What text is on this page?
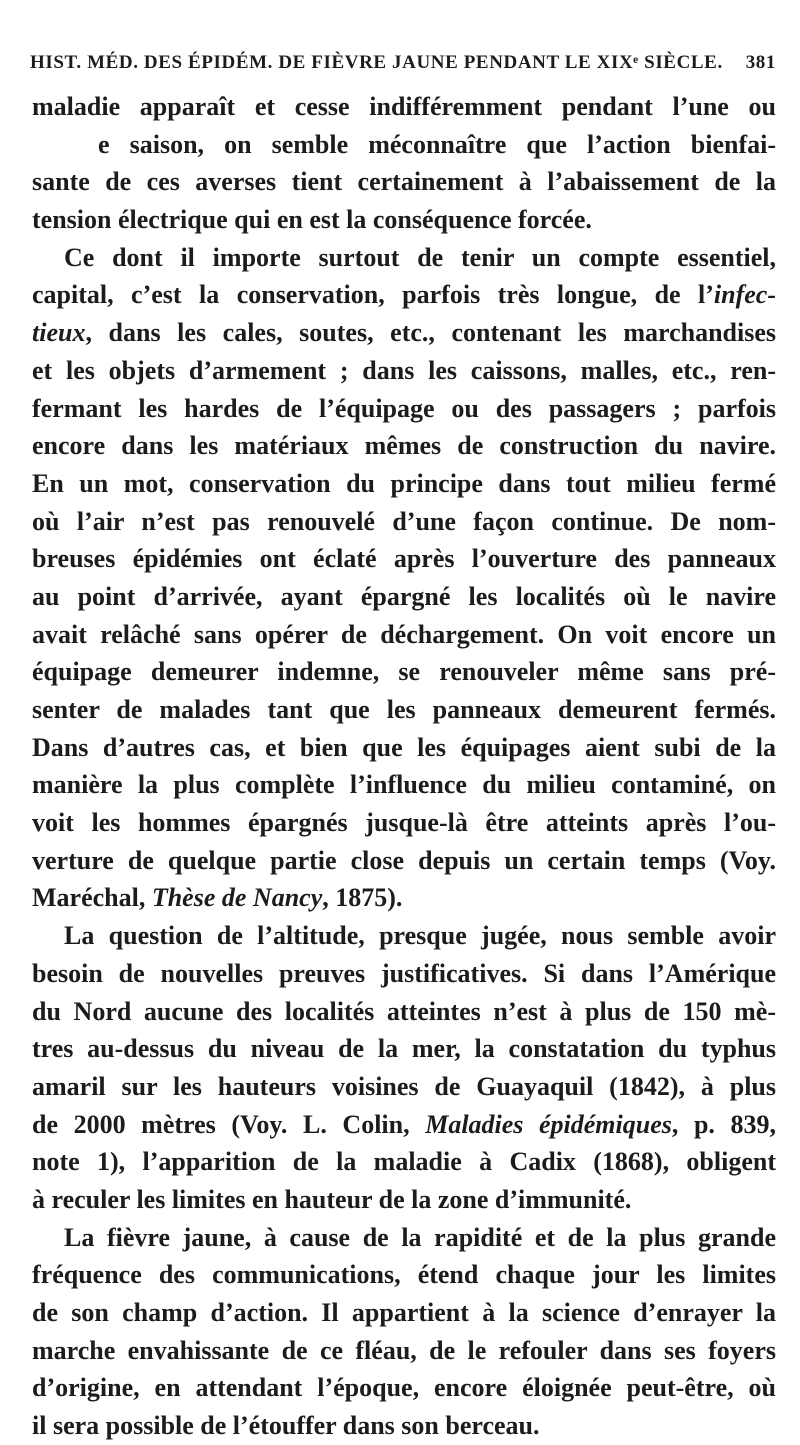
HIST. MÉD. DES ÉPIDÉM. DE FIÈVRE JAUNE PENDANT LE XIXᵉ SIÈCLE. 381
maladie apparaît et cesse indifféremment pendant l’une ou
e saison, on semble méconnaître que l’action bienfai-
sante de ces averses tient certainement à l’abaissement de la
tension électrique qui en est la conséquence forcée.
Ce dont il importe surtout de tenir un compte essentiel,
capital, c’est la conservation, parfois très longue, de l’infec-
tieux, dans les cales, soutes, etc., contenant les marchandises
et les objets d’armement ; dans les caissons, malles, etc., ren-
fermant les hardes de l’équipage ou des passagers ; parfois
encore dans les matériaux mêmes de construction du navire.
En un mot, conservation du principe dans tout milieu fermé
où l’air n’est pas renouvelé d’une façon continue. De nom-
breuses épidémies ont éclaté après l’ouverture des panneaux
au point d’arrivée, ayant épargné les localités où le navire
avait relâché sans opérer de déchargement. On voit encore un
équipage demeurer indemne, se renouveler même sans pré-
senter de malades tant que les panneaux demeurent fermés.
Dans d’autres cas, et bien que les équipages aient subi de la
manière la plus complète l’influence du milieu contaminé, on
voit les hommes épargnés jusque-là être atteints après l’ou-
verture de quelque partie close depuis un certain temps (Voy.
Maréchal, Thèse de Nancy, 1875).
La question de l’altitude, presque jugée, nous semble avoir
besoin de nouvelles preuves justificatives. Si dans l’Amérique
du Nord aucune des localités atteintes n’est à plus de 150 mè-
tres au-dessus du niveau de la mer, la constatation du typhus
amaril sur les hauteurs voisines de Guayaquil (1842), à plus
de 2000 mètres (Voy. L. Colin, Maladies épidémiques, p. 839,
note 1), l’apparition de la maladie à Cadix (1868), obligent
à reculer les limites en hauteur de la zone d’immunité.
La fièvre jaune, à cause de la rapidité et de la plus grande
fréquence des communications, étend chaque jour les limites
de son champ d’action. Il appartient à la science d’enrayer la
marche envahissante de ce fléau, de le refouler dans ses foyers
d’origine, en attendant l’époque, encore éloignée peut-être, où
il sera possible de l’étouffer dans son berceau.
